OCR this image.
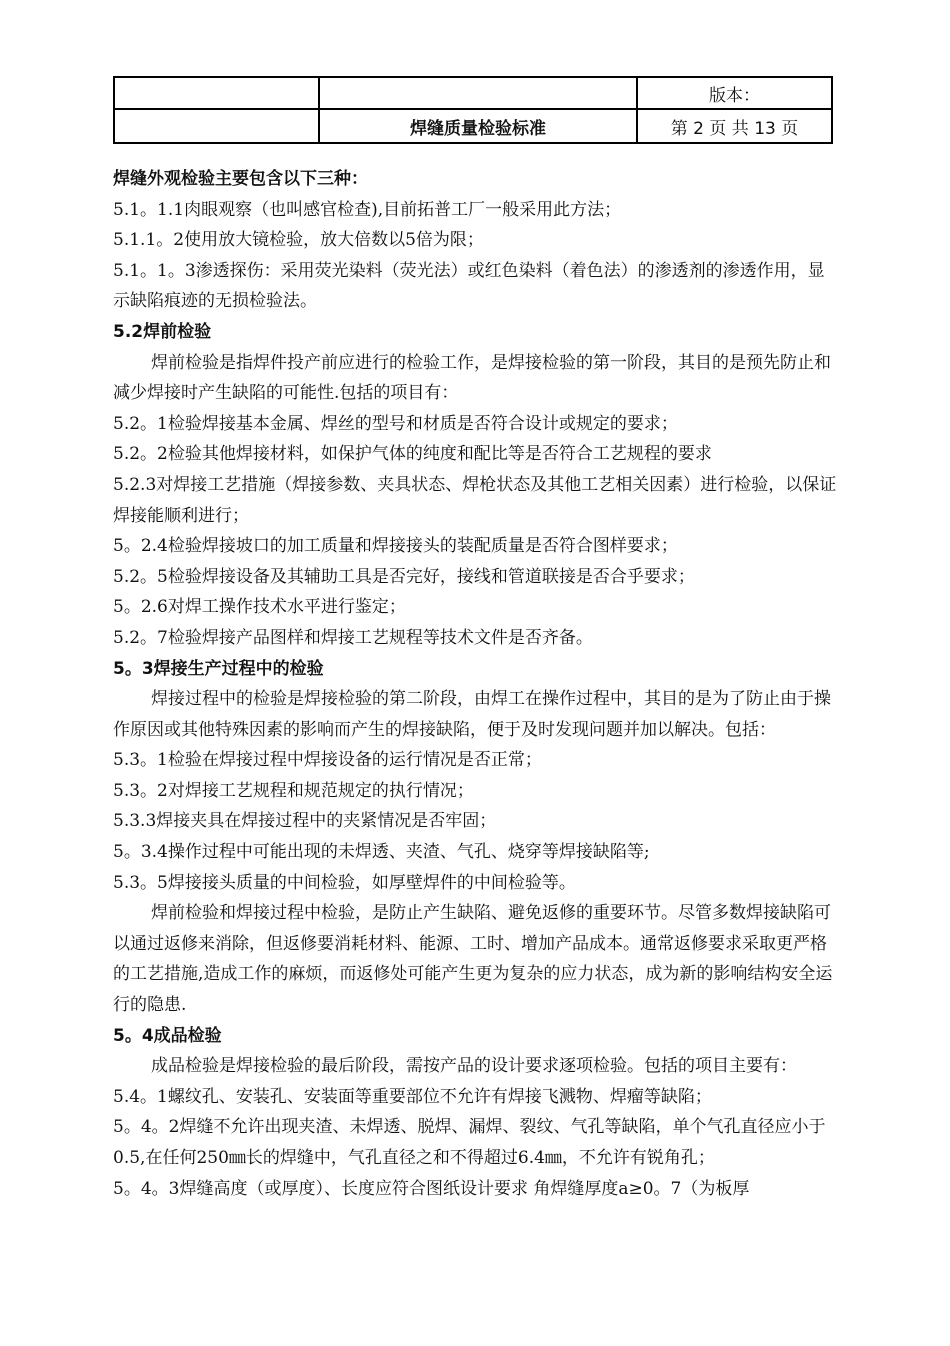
		版本：
	焊缝质量检验标准	第 2 页 共 13 页

焊缝外观检验主要包含以下三种：

5.1。1.1肉眼观察（也叫感官检查),目前拓普工厂一般采用此方法；

5.1.1。2使用放大镜检验，放大倍数以5倍为限；

5.1。1。3渗透探伤：采用荧光染料（荧光法）或红色染料（着色法）的渗透剂的渗透作用，显示缺陷痕迹的无损检验法。

5.2焊前检验

焊前检验是指焊件投产前应进行的检验工作，是焊接检验的第一阶段，其目的是预先防止和减少焊接时产生缺陷的可能性.包括的项目有：

5.2。1检验焊接基本金属、焊丝的型号和材质是否符合设计或规定的要求；

5.2。2检验其他焊接材料，如保护气体的纯度和配比等是否符合工艺规程的要求

5.2.3对焊接工艺措施（焊接参数、夹具状态、焊枪状态及其他工艺相关因素）进行检验，以保证焊接能顺利进行；

5。2.4检验焊接坡口的加工质量和焊接接头的装配质量是否符合图样要求；

5.2。5检验焊接设备及其辅助工具是否完好，接线和管道联接是否合乎要求；

5。2.6对焊工操作技术水平进行鉴定；

5.2。7检验焊接产品图样和焊接工艺规程等技术文件是否齐备。

5。3焊接生产过程中的检验

焊接过程中的检验是焊接检验的第二阶段，由焊工在操作过程中，其目的是为了防止由于操作原因或其他特殊因素的影响而产生的焊接缺陷，便于及时发现问题并加以解决。包括：

5.3。1检验在焊接过程中焊接设备的运行情况是否正常；

5.3。2对焊接工艺规程和规范规定的执行情况；

5.3.3焊接夹具在焊接过程中的夹紧情况是否牢固；

5。3.4操作过程中可能出现的未焊透、夹渣、气孔、烧穿等焊接缺陷等;

5.3。5焊接接头质量的中间检验，如厚壁焊件的中间检验等。

焊前检验和焊接过程中检验，是防止产生缺陷、避免返修的重要环节。尽管多数焊接缺陷可以通过返修来消除，但返修要消耗材料、能源、工时、增加产品成本。通常返修要求采取更严格的工艺措施,造成工作的麻烦，而返修处可能产生更为复杂的应力状态，成为新的影响结构安全运行的隐患.

5。4成品检验

成品检验是焊接检验的最后阶段，需按产品的设计要求逐项检验。包括的项目主要有：

5.4。1螺纹孔、安装孔、安装面等重要部位不允许有焊接飞溅物、焊瘤等缺陷；

5。4。2焊缝不允许出现夹渣、未焊透、脱焊、漏焊、裂纹、气孔等缺陷，单个气孔直径应小于0.5,在任何250㎜长的焊缝中，气孔直径之和不得超过6.4㎜，不允许有锐角孔；

5。4。3焊缝高度（或厚度）、长度应符合图纸设计要求 角焊缝厚度a≥0。7（为板厚
